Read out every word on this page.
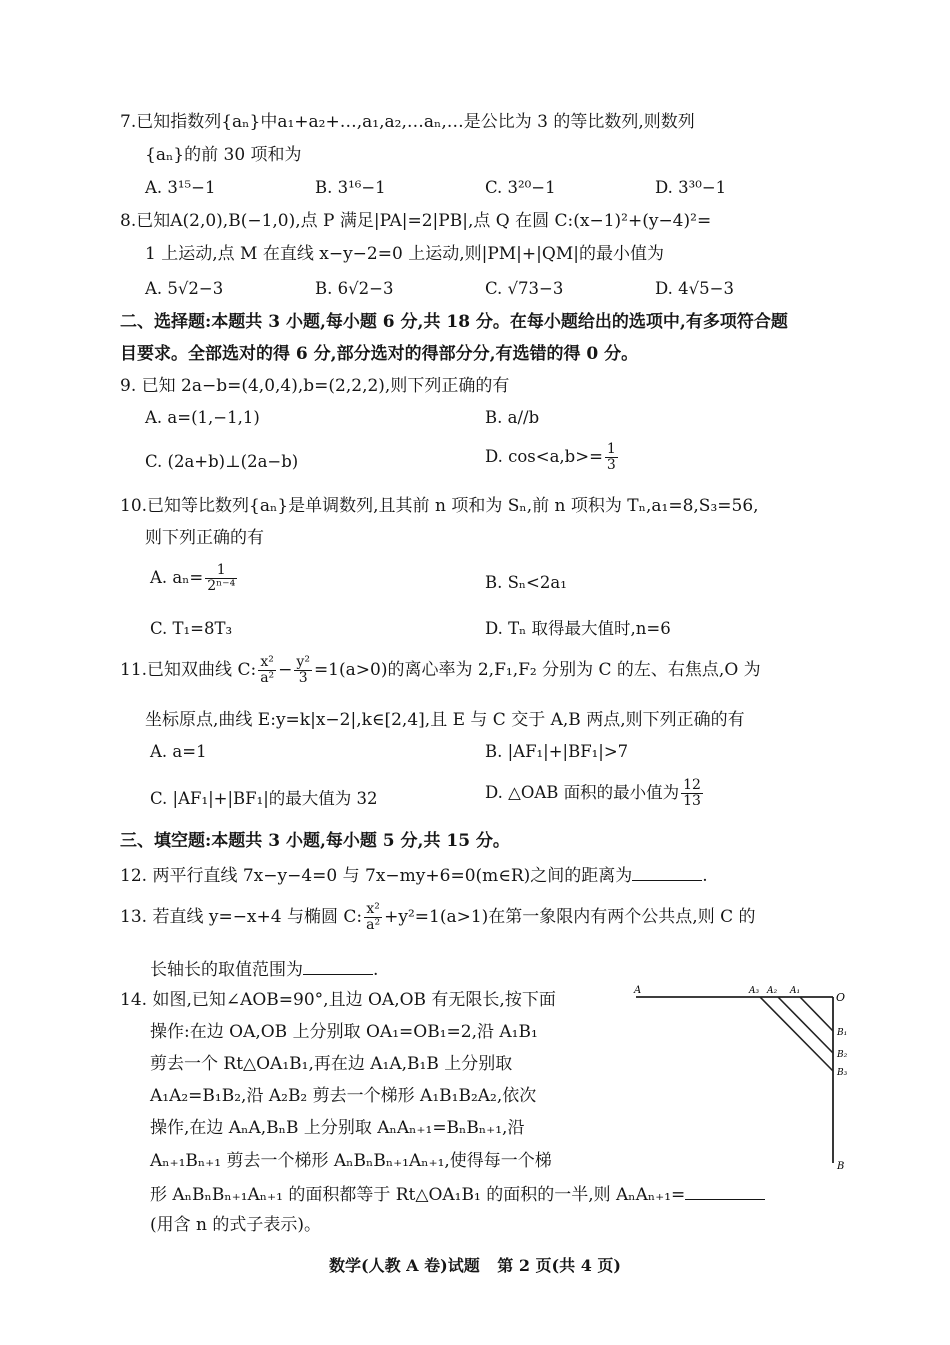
7.已知指数列{aₙ}中a₁+a₂+…,a₁,a₂,…aₙ,…是公比为 3 的等比数列,则数列
{aₙ}的前 30 项和为
A. 3¹⁵−1	B. 3¹⁶−1	C. 3²⁰−1	D. 3³⁰−1
8.已知A(2,0),B(−1,0),点 P 满足|PA|=2|PB|,点 Q 在圆 C:(x−1)²+(y−4)²=
1 上运动,点 M 在直线 x−y−2=0 上运动,则|PM|+|QM|的最小值为
A. 5√2−3	B. 6√2−3	C. √73−3	D. 4√5−3
二、选择题:本题共 3 小题,每小题 6 分,共 18 分。在每小题给出的选项中,有多项符合题
目要求。全部选对的得 6 分,部分选对的得部分分,有选错的得 0 分。
9. 已知 2a−b=(4,0,4),b=(2,2,2),则下列正确的有
A. a=(1,−1,1)	B. a//b
C. (2a+b)⊥(2a−b)	D. $\cos<a,b>= \frac{1}{3}$
10.已知等比数列{aₙ}是单调数列,且其前 n 项和为 Sₙ,前 n 项积为 Tₙ,a₁=8,S₃=56,
则下列正确的有
A. $a_n= \frac{1}{\text{2ⁿ⁻⁴}}$	B. Sₙ<2a₁
C. T₁=8T₃	D. Tₙ 取得最大值时,n=6
11.已知双曲线 C: $\frac{\text{x²}}{\text{a²}} - \frac{\text{y²}}{3} =1(a>0)$的离心率为 2,F₁,F₂ 分别为 C 的左、右焦点,O 为
坐标原点,曲线 E:y=k|x−2|,k∈[2,4],且 E 与 C 交于 A,B 两点,则下列正确的有
A. a=1	B. |AF₁|+|BF₁|>7
C. |AF₁|+|BF₁|的最大值为 32	D. △OAB 面积的最小值为 $\frac{12}{13}$
三、填空题:本题共 3 小题,每小题 5 分,共 15 分。
12. 两平行直线 7x−y−4=0 与 7x−my+6=0(m∈R)之间的距离为	.
13. 若直线 y=−x+4 与椭圆 C: $\frac{\text{x²}}{\text{a²}} +y^2=1(a>1)$在第一象限内有两个公共点,则 C 的
长轴长的取值范围为	.
14. 如图,已知∠AOB=90°,且边 OA,OB 有无限长,按下面
操作:在边 OA,OB 上分别取 OA₁=OB₁=2,沿 A₁B₁
剪去一个 Rt△OA₁B₁,再在边 A₁A,B₁B 上分别取
A₁A₂=B₁B₂,沿 A₂B₂ 剪去一个梯形 A₁B₁B₂A₂,依次
操作,在边 AₙA,BₙB 上分别取 AₙAₙ₊₁=BₙBₙ₊₁,沿
Aₙ₊₁Bₙ₊₁ 剪去一个梯形 AₙBₙBₙ₊₁Aₙ₊₁,使得每一个梯
形 AₙBₙBₙ₊₁Aₙ₊₁ 的面积都等于 Rt△OA₁B₁ 的面积的一半,则 AₙAₙ₊₁=
(用含 n 的式子表示)。
A	A₃ A₂ A₁	O
B₁
B₂
B₃
B
数学(人教 A 卷)试题 第 2 页(共 4 页)
